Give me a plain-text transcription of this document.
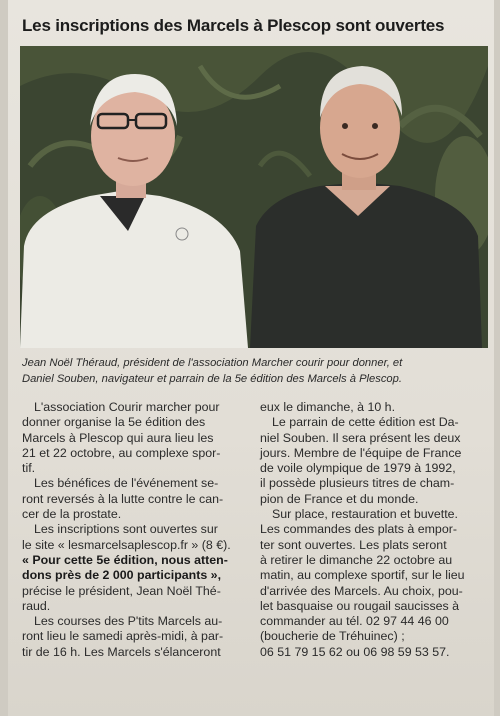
Les inscriptions des Marcels à Plescop sont ouvertes

Jean Noël Théraud, président de l'association Marcher courir pour donner, et

Daniel Souben, navigateur et parrain de la 5e édition des Marcels à Plescop.

L'association Courir marcher pour
donner organise la 5e édition des
Marcels à Plescop qui aura lieu les
21 et 22 octobre, au complexe spor-
tif.
Les bénéfices de l'événement se-
ront reversés à la lutte contre le can-
cer de la prostate.
Les inscriptions sont ouvertes sur
le site « lesmarcelsaplescop.fr » (8 €).
« Pour cette 5e édition, nous atten-
dons près de 2 000 participants »,
précise le président, Jean Noël Thé-
raud.
Les courses des P'tits Marcels au-
ront lieu le samedi après-midi, à par-
tir de 16 h. Les Marcels s'élanceront
eux le dimanche, à 10 h.
Le parrain de cette édition est Da-
niel Souben. Il sera présent les deux
jours. Membre de l'équipe de France
de voile olympique de 1979 à 1992,
il possède plusieurs titres de cham-
pion de France et du monde.
Sur place, restauration et buvette.
Les commandes des plats à empor-
ter sont ouvertes. Les plats seront
à retirer le dimanche 22 octobre au
matin, au complexe sportif, sur le lieu
d'arrivée des Marcels. Au choix, pou-
let basquaise ou rougail saucisses à
commander au tél. 02 97 44 46 00
(boucherie de Tréhuinec) ;
06 51 79 15 62 ou 06 98 59 53 57.
